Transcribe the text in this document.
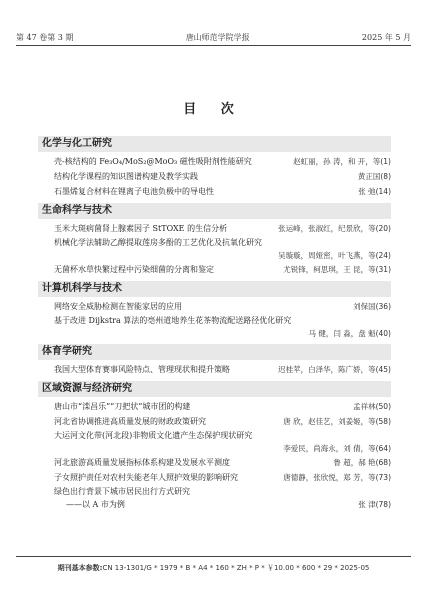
第 47 卷第 3 期	唐山师范学院学报	2025 年 5 月
目 次
化学与化工研究
壳-核结构的 Fe₃O₄/MoS₂@MoO₃ 磁性吸附剂性能研究	赵虹丽，孙 涛，和 开，等(1)
结构化学课程的知识图谱构建及教学实践	黄正国(8)
石墨烯复合材料在锂离子电池负极中的导电性	张 弛(14)
生命科学与技术
玉米大斑病菌肾上腺素因子 StTOXE 的生信分析	张运峰，张淑红，纪景欣，等(20)
机械化学法辅助乙醇提取莲房多酚的工艺优化及抗氧化研究
吴璇璇，周娅密，叶飞燕，等(24)
无菌杯水草快繁过程中污染细菌的分离和鉴定	尤锐锋，柯思琪，王 昆，等(31)
计算机科学与技术
网络安全威胁检测在智能家居的应用	刘保国(36)
基于改进 Dijkstra 算法的亳州道地养生花茶物流配送路径优化研究
马 健，闫 淼，盘 魁(40)
体育学研究
我国大型体育赛事风险特点、管理现状和提升策略	迟桂苹，白泽华，陈广娇，等(45)
区域资源与经济研究
唐山市“滦昌乐”“刀把状”城市团的构建	孟祥林(50)
河北省协调推进高质量发展的财政政策研究	唐 欣，赵佳艺，刘姜姬，等(58)
大运河文化带(河北段)非物质文化遗产生态保护现状研究
李爱民，尚海永，刘 倩，等(64)
河北旅游高质量发展指标体系构建及发展水平测度	鲁 超，郝 艳(68)
子女照护责任对农村失能老年人照护效果的影响研究	唐德静，张欣悦，郑 芳，等(73)
绿色出行背景下城市居民出行方式研究
——以 A 市为例	张 津(78)
期刊基本参数:CN 13-1301/G * 1979 * B * A4 * 160 * ZH * P * ￥10.00 * 600 * 29 * 2025-05
